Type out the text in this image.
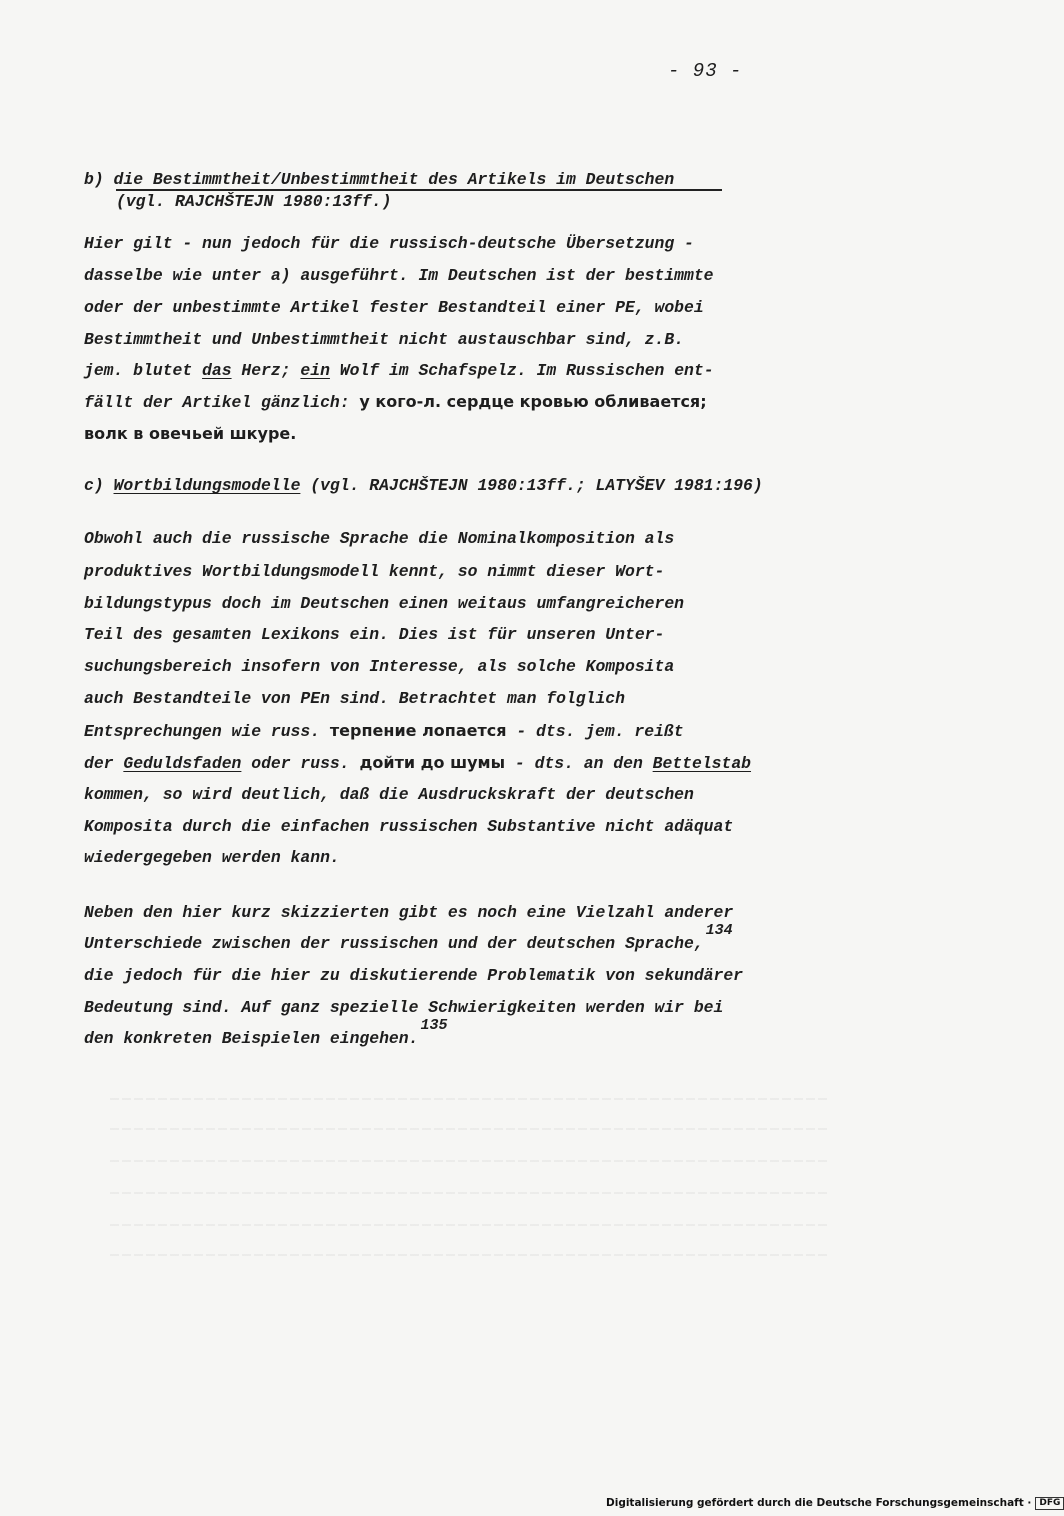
- 93 -
b) die Bestimmtheit/Unbestimmtheit des Artikels im Deutschen
(vgl. RAJCHŠTEJN 1980:13ff.)
Hier gilt - nun jedoch für die russisch-deutsche Übersetzung -
dasselbe wie unter a) ausgeführt. Im Deutschen ist der bestimmte
oder der unbestimmte Artikel fester Bestandteil einer PE, wobei
Bestimmtheit und Unbestimmtheit nicht austauschbar sind, z.B.
jem. blutet das Herz; ein Wolf im Schafspelz. Im Russischen ent-
fällt der Artikel gänzlich: у кого-л. сердце кровью обливается;
волк в овечьей шкуре.
c) Wortbildungsmodelle (vgl. RAJCHŠTEJN 1980:13ff.; LATYŠEV 1981:196)
Obwohl auch die russische Sprache die Nominalkomposition als
produktives Wortbildungsmodell kennt, so nimmt dieser Wort-
bildungstypus doch im Deutschen einen weitaus umfangreicheren
Teil des gesamten Lexikons ein. Dies ist für unseren Unter-
suchungsbereich insofern von Interesse, als solche Komposita
auch Bestandteile von PEn sind. Betrachtet man folglich
Entsprechungen wie russ. терпение лопается - dts. jem. reißt
der Geduldsfaden oder russ. дойти до шумы - dts. an den Bettelstab
kommen, so wird deutlich, daß die Ausdruckskraft der deutschen
Komposita durch die einfachen russischen Substantive nicht adäquat
wiedergegeben werden kann.
Neben den hier kurz skizzierten gibt es noch eine Vielzahl anderer
Unterschiede zwischen der russischen und der deutschen Sprache,134
die jedoch für die hier zu diskutierende Problematik von sekundärer
Bedeutung sind. Auf ganz spezielle Schwierigkeiten werden wir bei
den konkreten Beispielen eingehen.135
Digitalisierung gefördert durch die Deutsche Forschungsgemeinschaft · DFG
